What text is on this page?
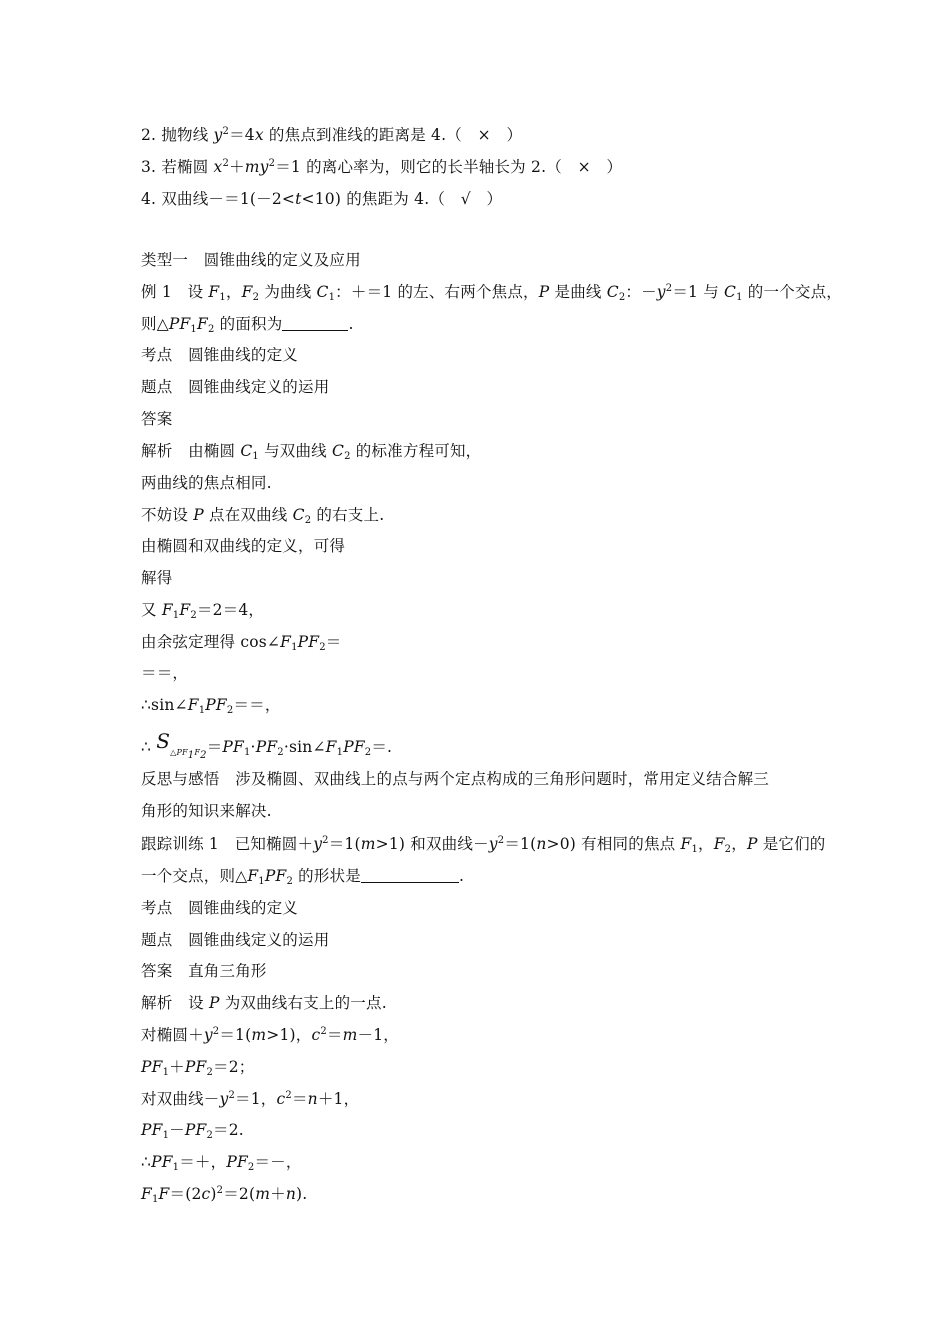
2. 抛物线 $y^2=4x$ 的焦点到准线的距离是 4.（　×　）
3. 若椭圆 $x^2+my^2=1$ 的离心率为，则它的长半轴长为 2.（　×　）
4. 双曲线－＝1(－2<t<10) 的焦距为 4.（　√　）
类型一　圆锥曲线的定义及应用
例 1　设 $F_1$，$F_2$ 为曲线 $C_1$：＋＝1 的左、右两个焦点，P 是曲线 $C_2$：$-y^2=1$ 与 $C_1$ 的一个交点，
则$\triangle PF_1F_2$ 的面积为	.
考点　圆锥曲线的定义
题点　圆锥曲线定义的运用
答案
解析　由椭圆 $C_1$ 与双曲线 $C_2$ 的标准方程可知，
两曲线的焦点相同.
不妨设 P 点在双曲线 $C_2$ 的右支上.
由椭圆和双曲线的定义，可得
解得
又 $F_1F_2=2=4$，
由余弦定理得 $\cos\angle F_1PF_2=$
＝＝，
$\therefore\sin\angle F_1PF_2==$，
∴ $S\triangle PF_1F_2=PF_1\cdot PF_2\cdot\sin\angle F_1PF_2=$.
反思与感悟　涉及椭圆、双曲线上的点与两个定点构成的三角形问题时，常用定义结合解三
角形的知识来解决.
跟踪训练 1　已知椭圆$+y^2=1(m>1)$ 和双曲线$-y^2=1(n>0)$ 有相同的焦点 $F_1$，$F_2$，P 是它们的
一个交点，则$\triangle F_1PF_2$ 的形状是	.
考点　圆锥曲线的定义
题点　圆锥曲线定义的运用
答案　直角三角形
解析　设 P 为双曲线右支上的一点.
对椭圆$+y^2=1(m>1)$，$c^2=m-1$，
$PF_1+PF_2=2$；
对双曲线$-y^2=1$，$c^2=n+1$，
$PF_1-PF_2=2$.
$\therefore PF_1=+$，$PF_2=-$，
$F_1F=(2c)^2=2(m+n)$.
